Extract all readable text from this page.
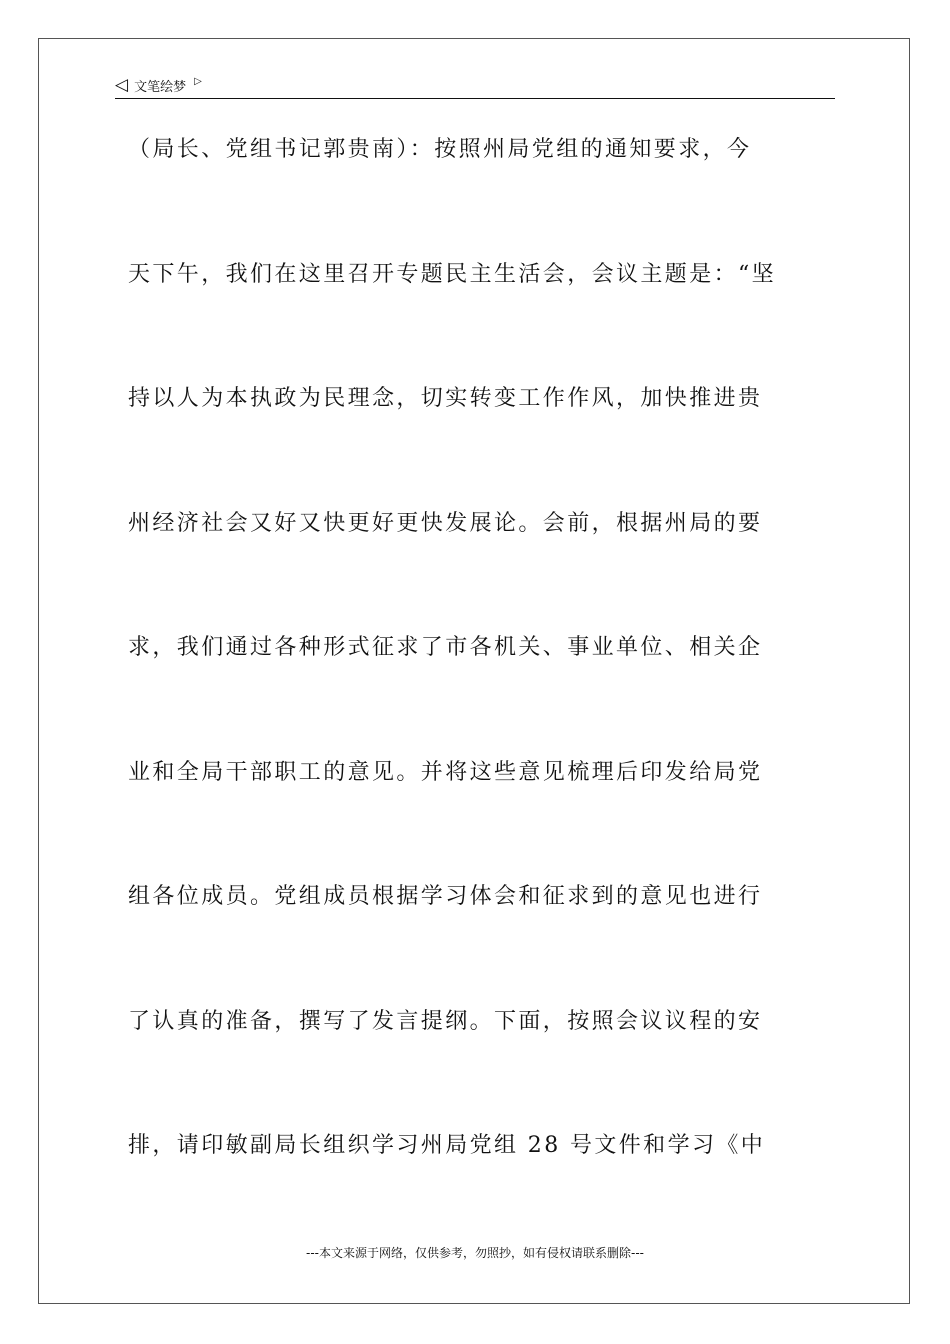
◁ 文笔绘梦 ▷
（局长、党组书记郭贵南）：按照州局党组的通知要求，今
天下午，我们在这里召开专题民主生活会，会议主题是：“坚
持以人为本执政为民理念，切实转变工作作风，加快推进贵
州经济社会又好又快更好更快发展论。会前，根据州局的要
求，我们通过各种形式征求了市各机关、事业单位、相关企
业和全局干部职工的意见。并将这些意见梳理后印发给局党
组各位成员。党组成员根据学习体会和征求到的意见也进行
了认真的准备，撰写了发言提纲。下面，按照会议议程的安
排，请印敏副局长组织学习州局党组 28 号文件和学习《中
---本文来源于网络，仅供参考，勿照抄，如有侵权请联系删除---
